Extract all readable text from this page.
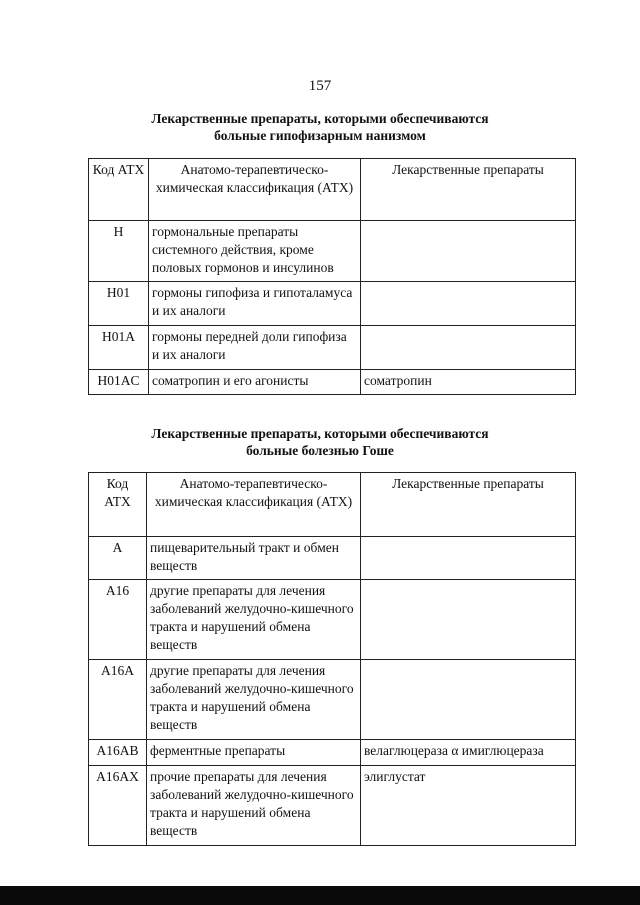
157
Лекарственные препараты, которыми обеспечиваются
больные гипофизарным нанизмом
Код АТХ	Анатомо-терапевтическо-химическая классификация (АТХ)	Лекарственные препараты
H	гормональные препараты системного действия, кроме половых гормонов и инсулинов	
H01	гормоны гипофиза и гипоталамуса и их аналоги	
H01A	гормоны передней доли гипофиза и их аналоги	
H01AC	соматропин и его агонисты	соматропин
Лекарственные препараты, которыми обеспечиваются
больные болезнью Гоше
Код АТХ	Анатомо-терапевтическо-химическая классификация (АТХ)	Лекарственные препараты
A	пищеварительный тракт и обмен веществ	
A16	другие препараты для лечения заболеваний желудочно-кишечного тракта и нарушений обмена веществ	
A16A	другие препараты для лечения заболеваний желудочно-кишечного тракта и нарушений обмена веществ	
A16AB	ферментные препараты	велаглюцераза α имиглюцераза
A16AX	прочие препараты для лечения заболеваний желудочно-кишечного тракта и нарушений обмена веществ	элиглустат
